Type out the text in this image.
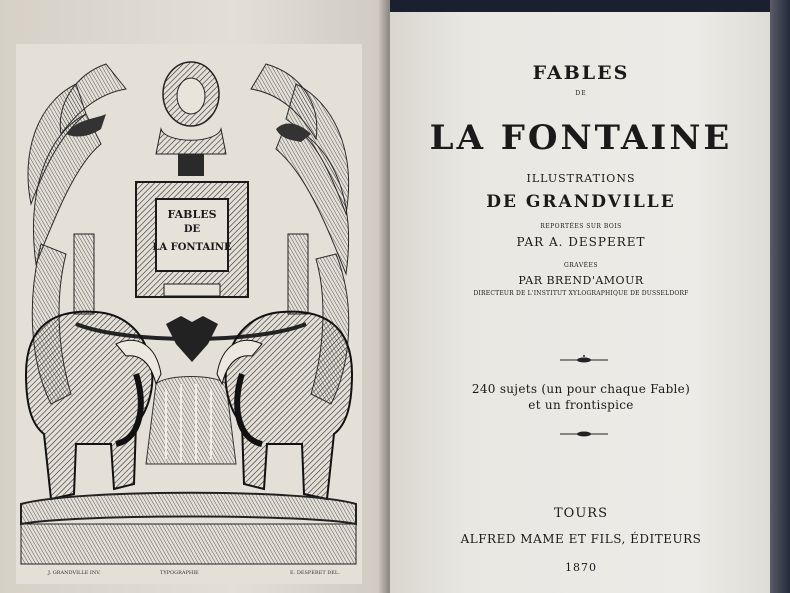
FABLES
DE
LA FONTAINE
J. GRANDVILLE INV.	TYPOGRAPHIE	E. DESPERET DEL.
FABLES
DE
LA FONTAINE
ILLUSTRATIONS
DE GRANDVILLE
REPORTÉES SUR BOIS
PAR A. DESPERET
GRAVÉES
PAR BREND'AMOUR
DIRECTEUR DE L'INSTITUT XYLOGRAPHIQUE DE DUSSELDORF
240 sujets (un pour chaque Fable)
et un frontispice
TOURS
ALFRED MAME ET FILS, ÉDITEURS
1870
